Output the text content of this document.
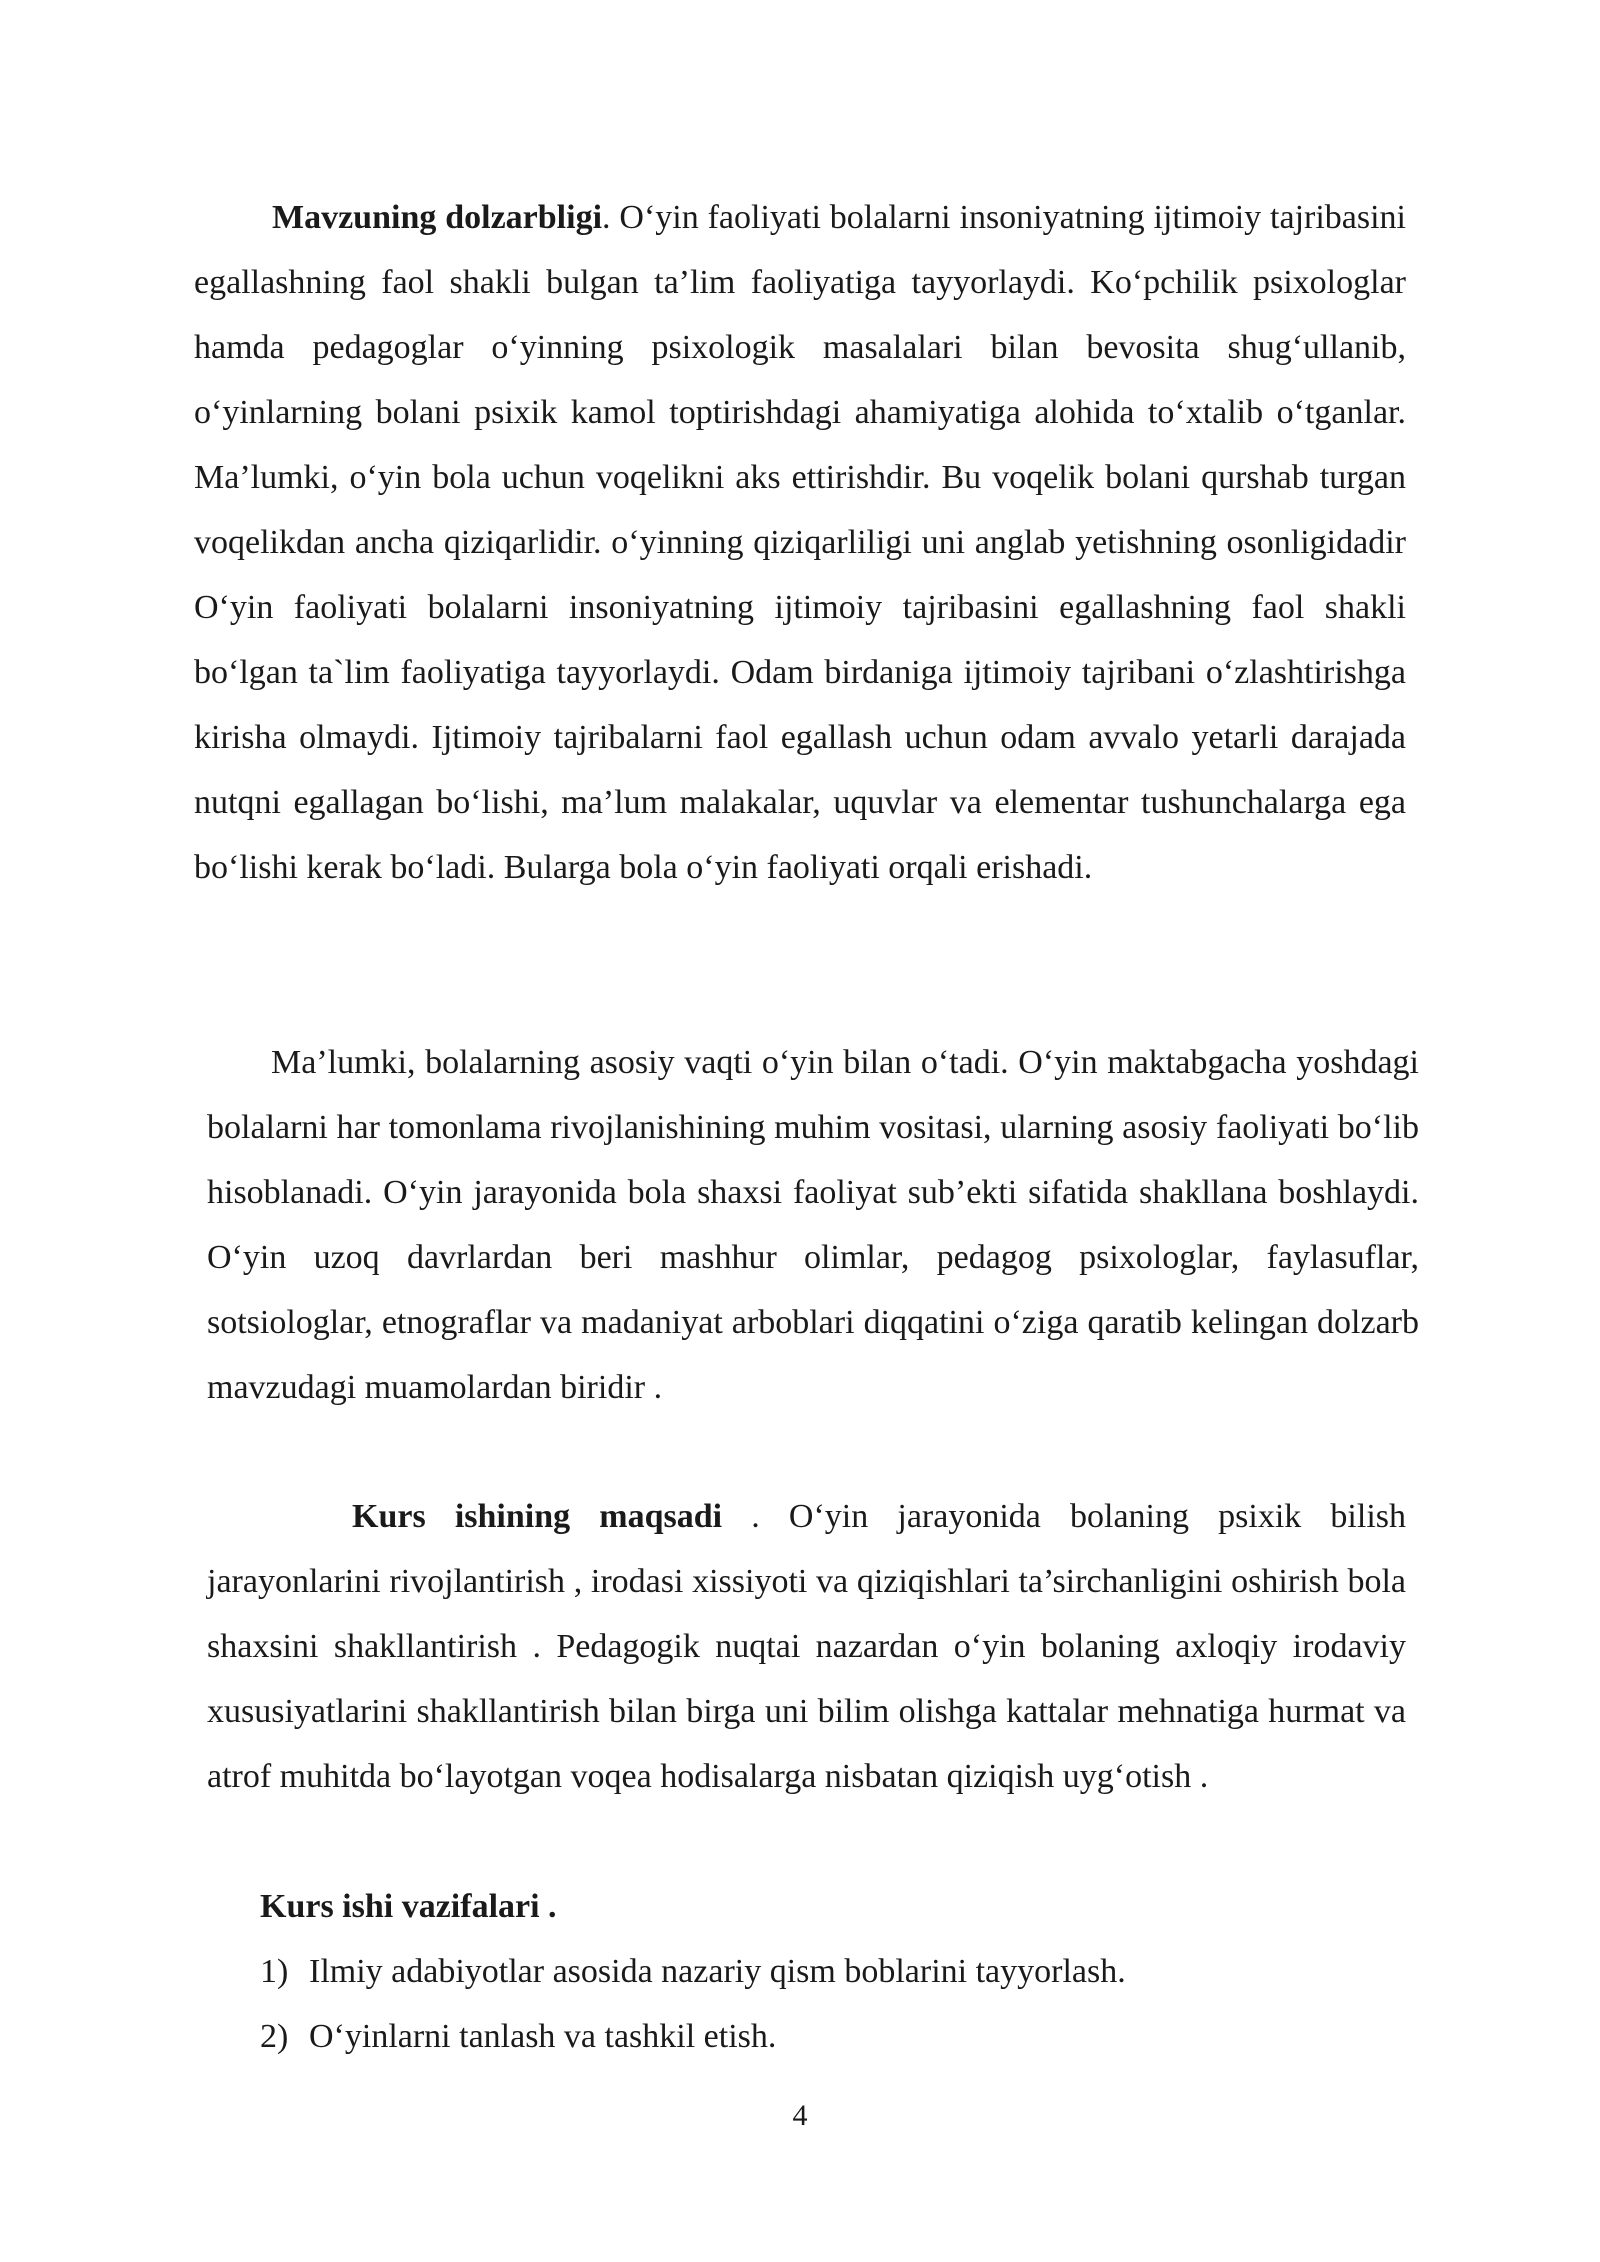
Mavzuning dolzarbligi. O‘yin faoliyati bolalarni insoniyatning ijtimoiy tajribasini egallashning faol shakli bulgan ta’lim faoliyatiga tayyorlaydi. Ko‘pchilik psixologlar hamda pedagoglar o‘yinning psixologik masalalari bilan bevosita shug‘ullanib, o‘yinlarning bolani psixik kamol toptirishdagi ahamiyatiga alohida to‘xtalib o‘tganlar. Ma’lumki, o‘yin bola uchun voqelikni aks ettirishdir. Bu voqelik bolani qurshab turgan voqelikdan ancha qiziqarlidir. o‘yinning qiziqarliligi uni anglab yetishning osonligidadir O‘yin faoliyati bolalarni insoniyatning ijtimoiy tajribasini egallashning faol shakli bo‘lgan ta`lim faoliyatiga tayyorlaydi. Odam birdaniga ijtimoiy tajribani o‘zlashtirishga kirisha olmaydi. Ijtimoiy tajribalarni faol egallash uchun odam avvalo yetarli darajada nutqni egallagan bo‘lishi, ma’lum malakalar, uquvlar va elementar tushunchalarga ega bo‘lishi kerak bo‘ladi. Bularga bola o‘yin faoliyati orqali erishadi.

Ma’lumki, bolalarning asosiy vaqti o‘yin bilan o‘tadi. O‘yin maktabgacha yoshdagi bolalarni har tomonlama rivojlanishining muhim vositasi, ularning asosiy faoliyati bo‘lib hisoblanadi. O‘yin jarayonida bola shaxsi faoliyat sub’ekti sifatida shakllana boshlaydi. O‘yin uzoq davrlardan beri mashhur olimlar, pedagog psixologlar, faylasuflar, sotsiologlar, etnograflar va madaniyat arboblari diqqatini o‘ziga qaratib kelingan dolzarb mavzudagi muamolardan biridir .

Kurs ishining maqsadi . O‘yin jarayonida bolaning psixik bilish jarayonlarini rivojlantirish , irodasi xissiyoti va qiziqishlari ta’sirchanligini oshirish bola shaxsini shakllantirish . Pedagogik nuqtai nazardan o‘yin bolaning axloqiy irodaviy xususiyatlarini shakllantirish bilan birga uni bilim olishga kattalar mehnatiga hurmat va atrof muhitda bo‘layotgan voqea hodisalarga nisbatan qiziqish uyg‘otish .

Kurs ishi vazifalari .

1) Ilmiy adabiyotlar asosida nazariy qism boblarini tayyorlash.
2) O‘yinlarni tanlash va tashkil etish.
4
